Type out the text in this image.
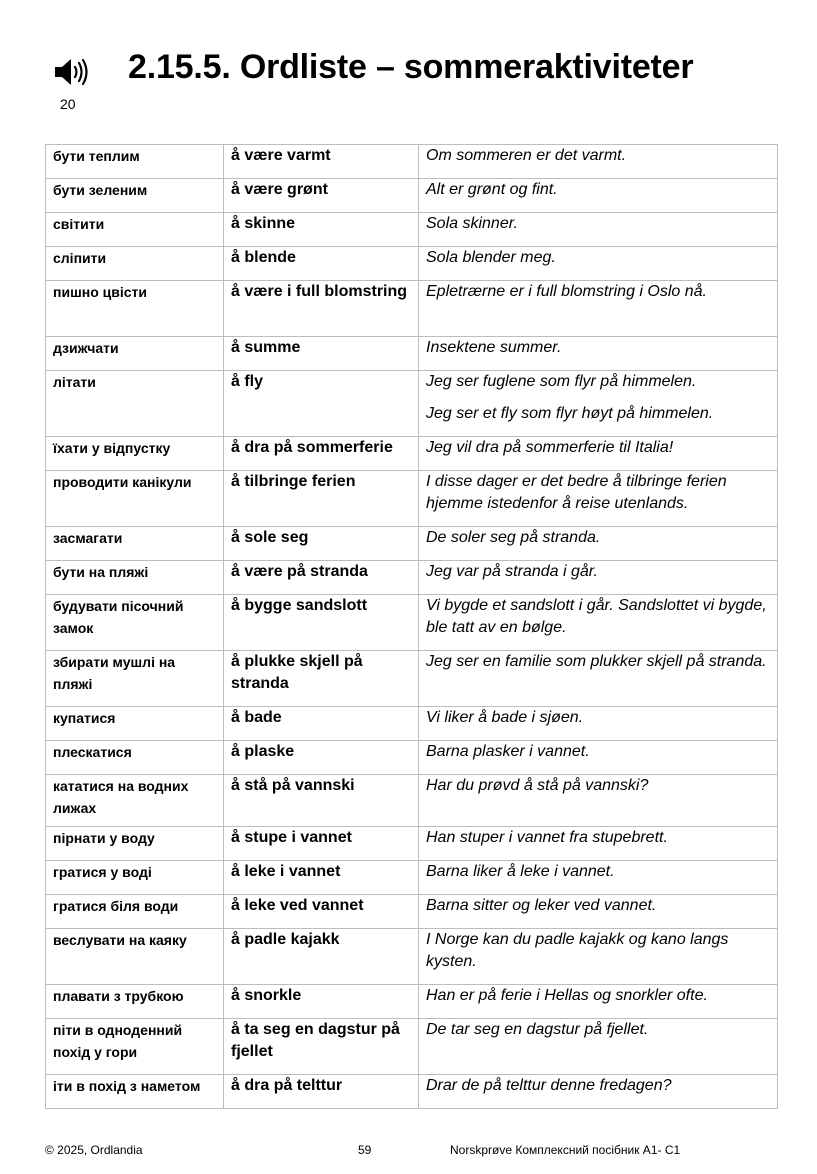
20
2.15.5. Ordliste – sommeraktiviteter
бути теплим	å være varmt	Om sommeren er det varmt.

бути зеленим	å være grønt	Alt er grønt og fint.

світити	å skinne	Sola skinner.

сліпити	å blende	Sola blender meg.

пишно цвісти	å være i full blomstring	Epletrærne er i full blomstring i Oslo nå.

дзижчати	å summe	Insektene summer.

літати	å fly	Jeg ser fuglene som flyr på himmelen.
Jeg ser et fly som flyr høyt på himmelen.

їхати у відпустку	å dra på sommerferie	Jeg vil dra på sommerferie til Italia!

проводити канікули	å tilbringe ferien	I disse dager er det bedre å tilbringe ferien hjemme istedenfor å reise utenlands.

засмагати	å sole seg	De soler seg på stranda.

бути на пляжі	å være på stranda	Jeg var på stranda i går.

будувати пісочний замок	å bygge sandslott	Vi bygde et sandslott i går. Sandslottet vi bygde, ble tatt av en bølge.

збирати мушлі на пляжі	å plukke skjell på stranda	Jeg ser en familie som plukker skjell på stranda.

купатися	å bade	Vi liker å bade i sjøen.

плескатися	å plaske	Barna plasker i vannet.

кататися на водних лижах	å stå på vannski	Har du prøvd å stå på vannski?

пірнати у воду	å stupe i vannet	Han stuper i vannet fra stupebrett.

гратися у воді	å leke i vannet	Barna liker å leke i vannet.

гратися біля води	å leke ved vannet	Barna sitter og leker ved vannet.

веслувати на каяку	å padle kajakk	I Norge kan du padle kajakk og kano langs kysten.

плавати з трубкою	å snorkle	Han er på ferie i Hellas og snorkler ofte.

піти в одноденний похід у гори	å ta seg en dagstur på fjellet	De tar seg en dagstur på fjellet.

іти в похід з наметом	å dra på telttur	Drar de på telttur denne fredagen?
© 2025, Ordlandia	59	Norskprøve Комплексний посібник A1- C1
